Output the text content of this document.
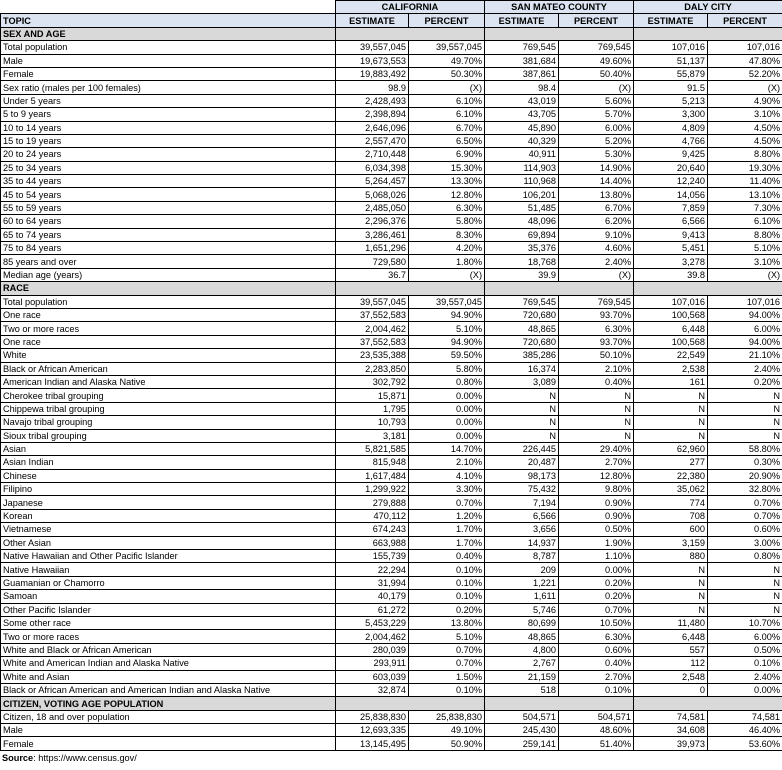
	CALIFORNIA		SAN MATEO COUNTY		DALY CITY	
TOPIC	ESTIMATE	PERCENT	ESTIMATE	PERCENT	ESTIMATE	PERCENT
SEX AND AGE						
Total population	39,557,045	39,557,045	769,545	769,545	107,016	107,016
Male	19,673,553	49.70%	381,684	49.60%	51,137	47.80%
Female	19,883,492	50.30%	387,861	50.40%	55,879	52.20%
Sex ratio (males per 100 females)	98.9	(X)	98.4	(X)	91.5	(X)
Under 5 years	2,428,493	6.10%	43,019	5.60%	5,213	4.90%
5 to 9 years	2,398,894	6.10%	43,705	5.70%	3,300	3.10%
10 to 14 years	2,646,096	6.70%	45,890	6.00%	4,809	4.50%
15 to 19 years	2,557,470	6.50%	40,329	5.20%	4,766	4.50%
20 to 24 years	2,710,448	6.90%	40,911	5.30%	9,425	8.80%
25 to 34 years	6,034,398	15.30%	114,903	14.90%	20,640	19.30%
35 to 44 years	5,264,457	13.30%	110,968	14.40%	12,240	11.40%
45 to 54 years	5,068,026	12.80%	106,201	13.80%	14,056	13.10%
55 to 59 years	2,485,050	6.30%	51,485	6.70%	7,859	7.30%
60 to 64 years	2,296,376	5.80%	48,096	6.20%	6,566	6.10%
65 to 74 years	3,286,461	8.30%	69,894	9.10%	9,413	8.80%
75 to 84 years	1,651,296	4.20%	35,376	4.60%	5,451	5.10%
85 years and over	729,580	1.80%	18,768	2.40%	3,278	3.10%
Median age (years)	36.7	(X)	39.9	(X)	39.8	(X)
RACE						
Total population	39,557,045	39,557,045	769,545	769,545	107,016	107,016
One race	37,552,583	94.90%	720,680	93.70%	100,568	94.00%
Two or more races	2,004,462	5.10%	48,865	6.30%	6,448	6.00%
One race	37,552,583	94.90%	720,680	93.70%	100,568	94.00%
White	23,535,388	59.50%	385,286	50.10%	22,549	21.10%
Black or African American	2,283,850	5.80%	16,374	2.10%	2,538	2.40%
American Indian and Alaska Native	302,792	0.80%	3,089	0.40%	161	0.20%
Cherokee tribal grouping	15,871	0.00%	N	N	N	N
Chippewa tribal grouping	1,795	0.00%	N	N	N	N
Navajo tribal grouping	10,793	0.00%	N	N	N	N
Sioux tribal grouping	3,181	0.00%	N	N	N	N
Asian	5,821,585	14.70%	226,445	29.40%	62,960	58.80%
Asian Indian	815,948	2.10%	20,487	2.70%	277	0.30%
Chinese	1,617,484	4.10%	98,173	12.80%	22,380	20.90%
Filipino	1,299,922	3.30%	75,432	9.80%	35,062	32.80%
Japanese	279,888	0.70%	7,194	0.90%	774	0.70%
Korean	470,112	1.20%	6,566	0.90%	708	0.70%
Vietnamese	674,243	1.70%	3,656	0.50%	600	0.60%
Other Asian	663,988	1.70%	14,937	1.90%	3,159	3.00%
Native Hawaiian and Other Pacific Islander	155,739	0.40%	8,787	1.10%	880	0.80%
Native Hawaiian	22,294	0.10%	209	0.00%	N	N
Guamanian or Chamorro	31,994	0.10%	1,221	0.20%	N	N
Samoan	40,179	0.10%	1,611	0.20%	N	N
Other Pacific Islander	61,272	0.20%	5,746	0.70%	N	N
Some other race	5,453,229	13.80%	80,699	10.50%	11,480	10.70%
Two or more races	2,004,462	5.10%	48,865	6.30%	6,448	6.00%
White and Black or African American	280,039	0.70%	4,800	0.60%	557	0.50%
White and American Indian and Alaska Native	293,911	0.70%	2,767	0.40%	112	0.10%
White and Asian	603,039	1.50%	21,159	2.70%	2,548	2.40%
Black or African American and American Indian and Alaska Native	32,874	0.10%	518	0.10%	0	0.00%
CITIZEN, VOTING AGE POPULATION						
Citizen, 18 and over population	25,838,830	25,838,830	504,571	504,571	74,581	74,581
Male	12,693,335	49.10%	245,430	48.60%	34,608	46.40%
Female	13,145,495	50.90%	259,141	51.40%	39,973	53.60%
Source: https://www.census.gov/
